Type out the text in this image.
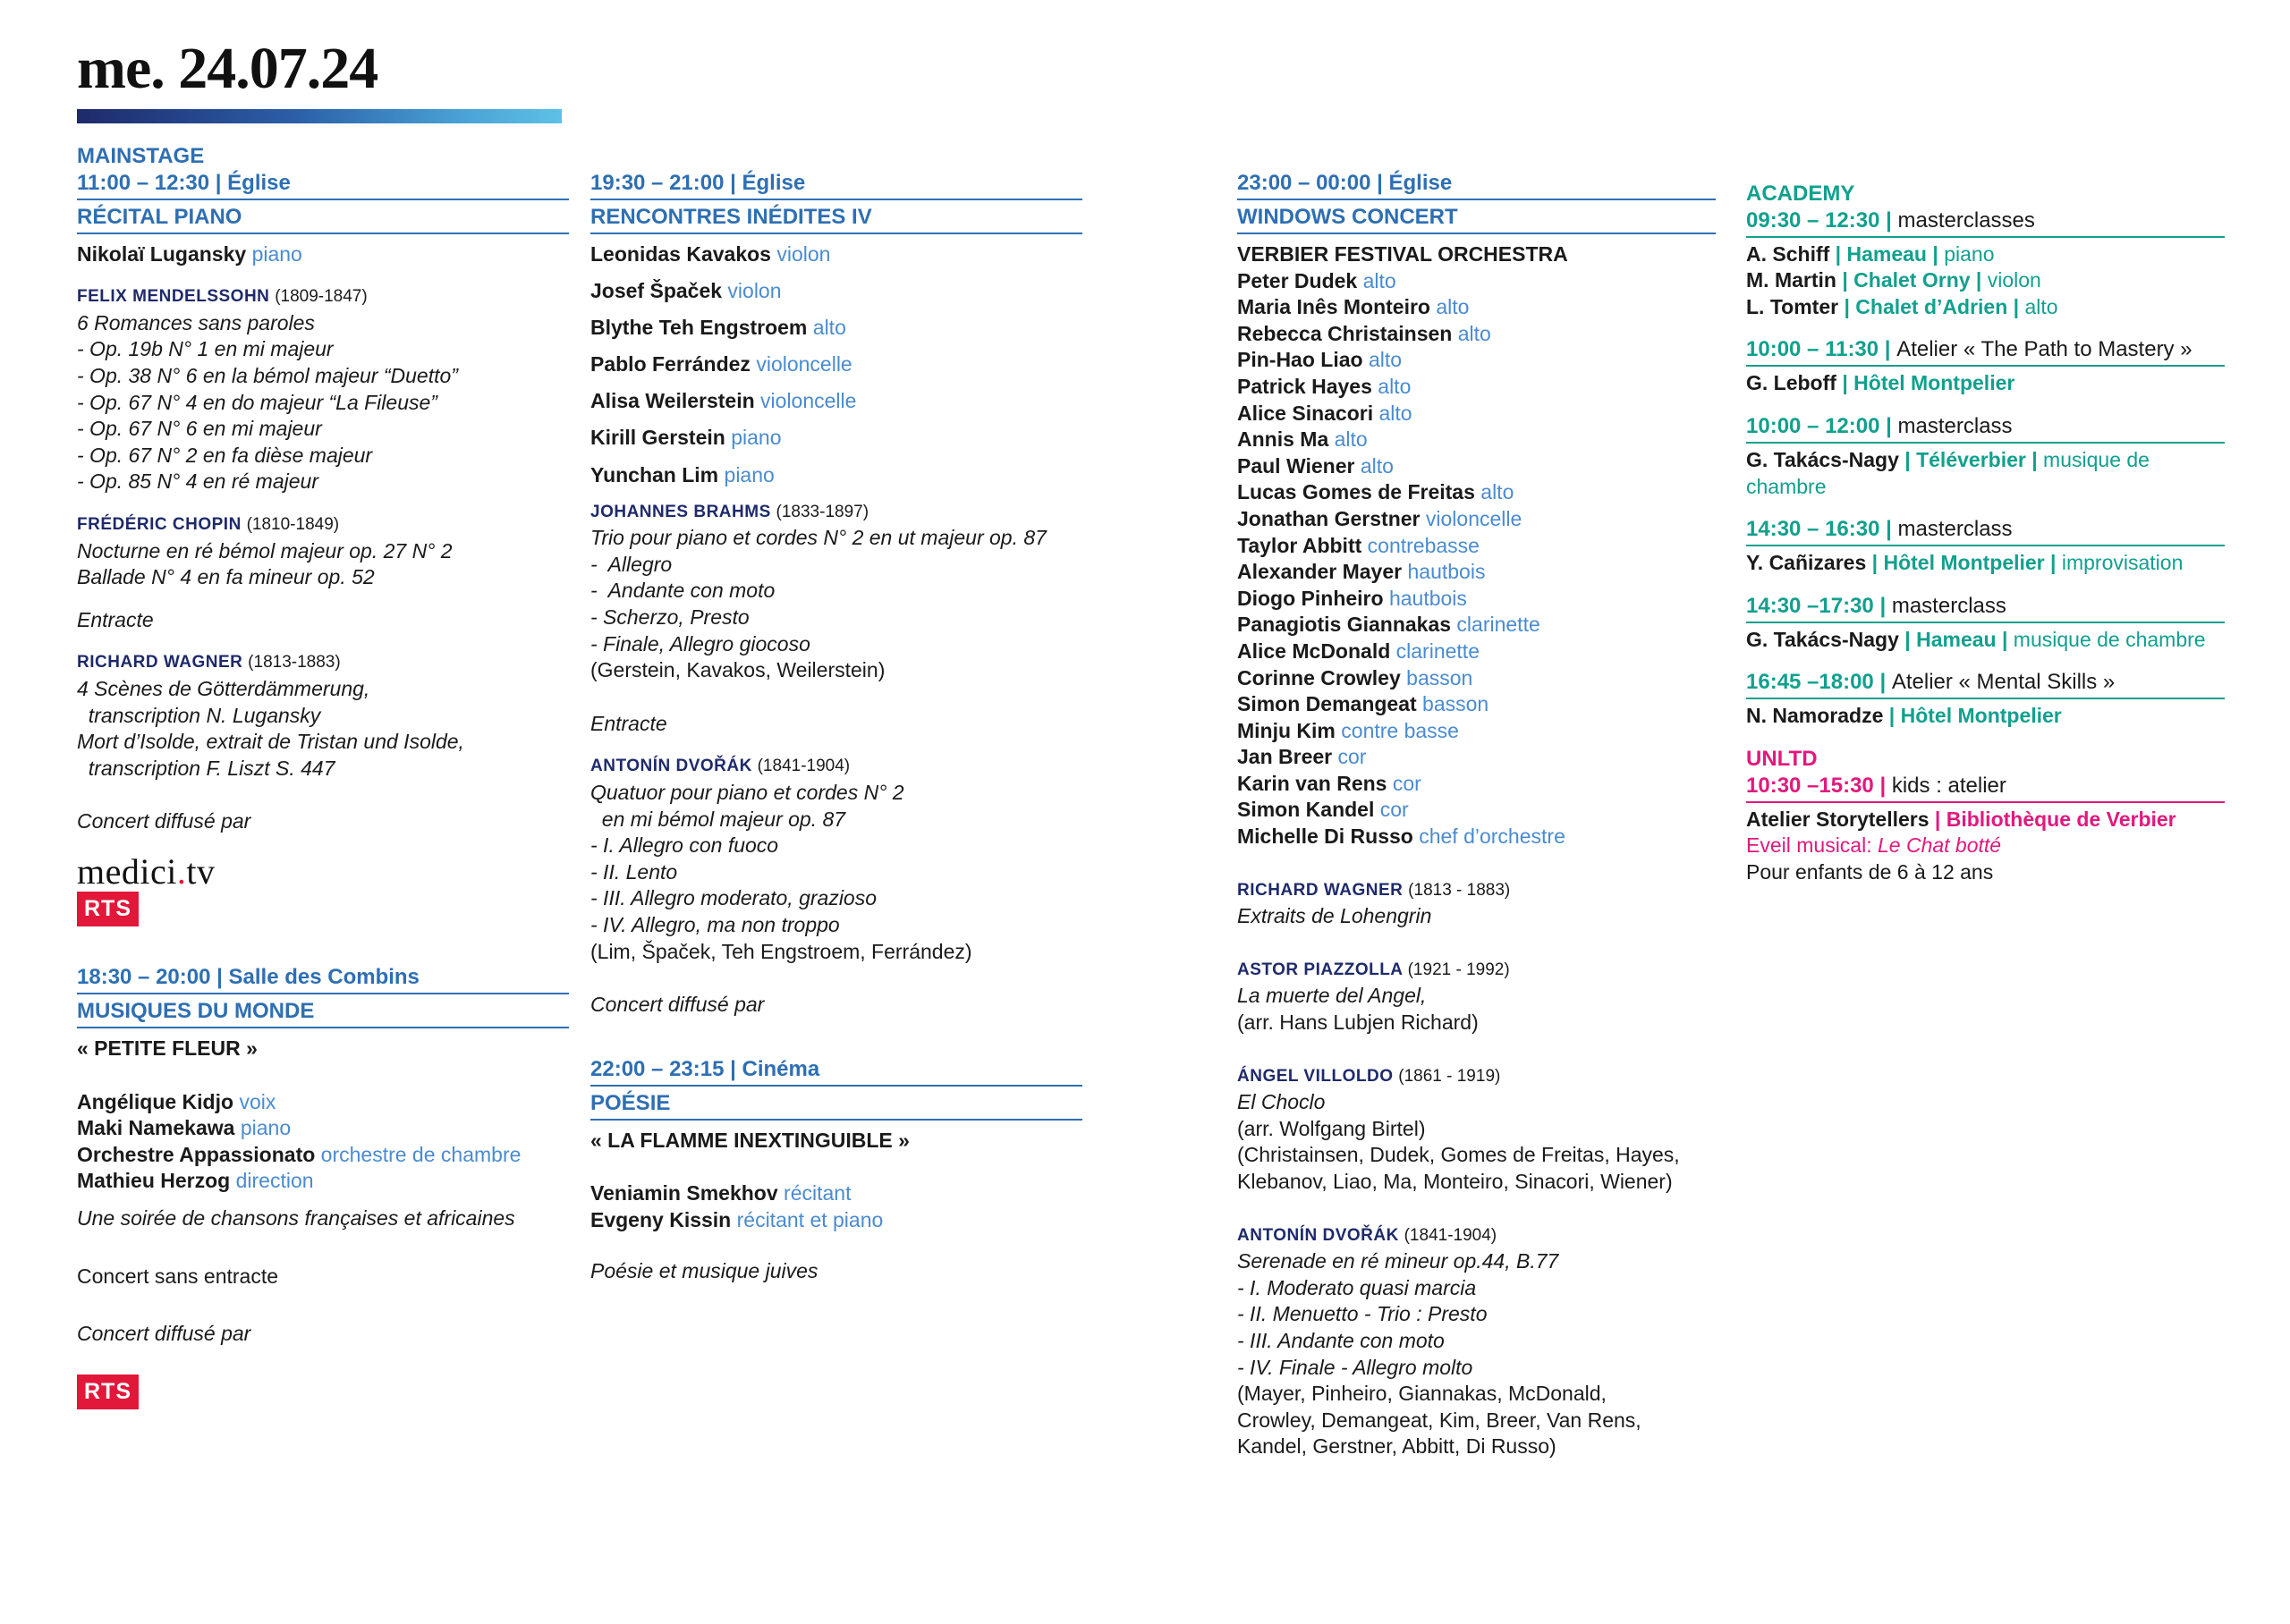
me. 24.07.24
MAINSTAGE
11:00 – 12:30 | Église
RÉCITAL PIANO
Nikolaï Lugansky piano
FELIX MENDELSSOHN (1809-1847)
6 Romances sans paroles
- Op. 19b N° 1 en mi majeur
- Op. 38 N° 6 en la bémol majeur “Duetto”
- Op. 67 N° 4 en do majeur “La Fileuse”
- Op. 67 N° 6 en mi majeur
- Op. 67 N° 2 en fa dièse majeur
- Op. 85 N° 4 en ré majeur
FRÉDÉRIC CHOPIN (1810-1849)
Nocturne en ré bémol majeur op. 27 N° 2
Ballade N° 4 en fa mineur op. 52
Entracte
RICHARD WAGNER (1813-1883)
4 Scènes de Götterdämmerung,
transcription N. Lugansky
Mort d’Isolde, extrait de Tristan und Isolde,
transcription F. Liszt S. 447
Concert diffusé par
medici.tv
RTS
18:30 – 20:00 | Salle des Combins
MUSIQUES DU MONDE
« PETITE FLEUR »
Angélique Kidjo voix
Maki Namekawa piano
Orchestre Appassionato orchestre de chambre
Mathieu Herzog direction
Une soirée de chansons françaises et africaines
Concert sans entracte
Concert diffusé par
RTS
19:30 – 21:00 | Église
RENCONTRES INÉDITES IV
Leonidas Kavakos violon
Josef Špaček violon
Blythe Teh Engstroem alto
Pablo Ferrández violoncelle
Alisa Weilerstein violoncelle
Kirill Gerstein piano
Yunchan Lim piano
JOHANNES BRAHMS (1833-1897)
Trio pour piano et cordes N° 2 en ut majeur op. 87
-  Allegro
-  Andante con moto
- Scherzo, Presto
- Finale, Allegro giocoso
(Gerstein, Kavakos, Weilerstein)
Entracte
ANTONÍN DVOŘÁK (1841-1904)
Quatuor pour piano et cordes N° 2
en mi bémol majeur op. 87
- I. Allegro con fuoco
- II. Lento
- III. Allegro moderato, grazioso
- IV. Allegro, ma non troppo
(Lim, Špaček, Teh Engstroem, Ferrández)
Concert diffusé par
22:00 – 23:15 | Cinéma
POÉSIE
« LA FLAMME INEXTINGUIBLE »
Veniamin Smekhov récitant
Evgeny Kissin récitant et piano
Poésie et musique juives
23:00 – 00:00 | Église
WINDOWS CONCERT
VERBIER FESTIVAL ORCHESTRA
Peter Dudek alto
Maria Inês Monteiro alto
Rebecca Christainsen alto
Pin-Hao Liao alto
Patrick Hayes alto
Alice Sinacori alto
Annis Ma alto
Paul Wiener alto
Lucas Gomes de Freitas alto
Jonathan Gerstner violoncelle
Taylor Abbitt contrebasse
Alexander Mayer hautbois
Diogo Pinheiro hautbois
Panagiotis Giannakas clarinette
Alice McDonald clarinette
Corinne Crowley basson
Simon Demangeat basson
Minju Kim contre basse
Jan Breer cor
Karin van Rens cor
Simon Kandel cor
Michelle Di Russo chef d’orchestre
RICHARD WAGNER (1813 - 1883)
Extraits de Lohengrin
ASTOR PIAZZOLLA (1921 - 1992)
La muerte del Angel,
(arr. Hans Lubjen Richard)
ÁNGEL VILLOLDO (1861 - 1919)
El Choclo
(arr. Wolfgang Birtel)
(Christainsen, Dudek, Gomes de Freitas, Hayes,
Klebanov, Liao, Ma, Monteiro, Sinacori, Wiener)
ANTONÍN DVOŘÁK (1841-1904)
Serenade en ré mineur op.44, B.77
- I. Moderato quasi marcia
- II. Menuetto - Trio : Presto
- III. Andante con moto
- IV. Finale - Allegro molto
(Mayer, Pinheiro, Giannakas, McDonald,
Crowley, Demangeat, Kim, Breer, Van Rens,
Kandel, Gerstner, Abbitt, Di Russo)
ACADEMY
09:30 – 12:30 | masterclasses
A. Schiff | Hameau | piano
M. Martin | Chalet Orny | violon
L. Tomter | Chalet d’Adrien | alto
10:00 – 11:30 | Atelier « The Path to Mastery »
G. Leboff | Hôtel Montpelier
10:00 – 12:00 | masterclass
G. Takács-Nagy | Téléverbier | musique de chambre
14:30 – 16:30 | masterclass
Y. Cañizares | Hôtel Montpelier | improvisation
14:30 –17:30 | masterclass
G. Takács-Nagy | Hameau | musique de chambre
16:45 –18:00 | Atelier « Mental Skills »
N. Namoradze | Hôtel Montpelier
UNLTD
10:30 –15:30 | kids : atelier
Atelier Storytellers | Bibliothèque de Verbier
Eveil musical: Le Chat botté
Pour enfants de 6 à 12 ans
